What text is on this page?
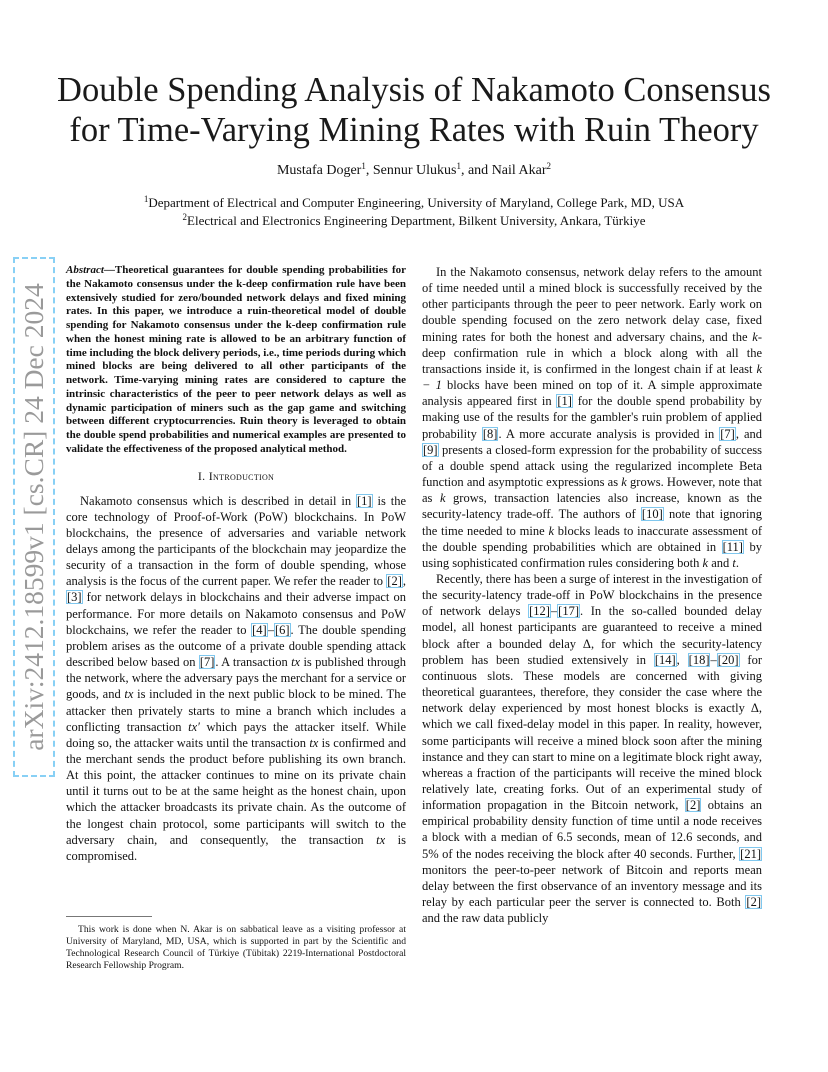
arXiv:2412.18599v1 [cs.CR] 24 Dec 2024
Double Spending Analysis of Nakamoto Consensus
for Time-Varying Mining Rates with Ruin Theory
Mustafa Doger$^1$, Sennur Ulukus$^1$, and Nail Akar$^2$
$^1$Department of Electrical and Computer Engineering, University of Maryland, College Park, MD, USA
$^2$Electrical and Electronics Engineering Department, Bilkent University, Ankara, Türkiye

Abstract—Theoretical guarantees for double spending probabilities for the Nakamoto consensus under the k-deep confirmation rule have been extensively studied for zero/bounded network delays and fixed mining rates. In this paper, we introduce a ruin-theoretical model of double spending for Nakamoto consensus under the k-deep confirmation rule when the honest mining rate is allowed to be an arbitrary function of time including the block delivery periods, i.e., time periods during which mined blocks are being delivered to all other participants of the network. Time-varying mining rates are considered to capture the intrinsic characteristics of the peer to peer network delays as well as dynamic participation of miners such as the gap game and switching between different cryptocurrencies. Ruin theory is leveraged to obtain the double spend probabilities and numerical examples are presented to validate the effectiveness of the proposed analytical method.

I. Introduction

Nakamoto consensus which is described in detail in [1] is the core technology of Proof-of-Work (PoW) blockchains. In PoW blockchains, the presence of adversaries and variable network delays among the participants of the blockchain may jeopardize the security of a transaction in the form of double spending, whose analysis is the focus of the current paper. We refer the reader to [2], [3] for network delays in blockchains and their adverse impact on performance. For more details on Nakamoto consensus and PoW blockchains, we refer the reader to [4]–[6]. The double spending problem arises as the outcome of a private double spending attack described below based on [7]. A transaction tx is published through the network, where the adversary pays the merchant for a service or goods, and tx is included in the next public block to be mined. The attacker then privately starts to mine a branch which includes a conflicting transaction tx′ which pays the attacker itself. While doing so, the attacker waits until the transaction tx is confirmed and the merchant sends the product before publishing its own branch. At this point, the attacker continues to mine on its private chain until it turns out to be at the same height as the honest chain, upon which the attacker broadcasts its private chain. As the outcome of the longest chain protocol, some participants will switch to the adversary chain, and consequently, the transaction tx is compromised.

This work is done when N. Akar is on sabbatical leave as a visiting professor at University of Maryland, MD, USA, which is supported in part by the Scientific and Technological Research Council of Türkiye (Tübitak) 2219-International Postdoctoral Research Fellowship Program.

In the Nakamoto consensus, network delay refers to the amount of time needed until a mined block is successfully received by the other participants through the peer to peer network. Early work on double spending focused on the zero network delay case, fixed mining rates for both the honest and adversary chains, and the k-deep confirmation rule in which a block along with all the transactions inside it, is confirmed in the longest chain if at least k − 1 blocks have been mined on top of it. A simple approximate analysis appeared first in [1] for the double spend probability by making use of the results for the gambler's ruin problem of applied probability [8]. A more accurate analysis is provided in [7], and [9] presents a closed-form expression for the probability of success of a double spend attack using the regularized incomplete Beta function and asymptotic expressions as k grows. However, note that as k grows, transaction latencies also increase, known as the security-latency trade-off. The authors of [10] note that ignoring the time needed to mine k blocks leads to inaccurate assessment of the double spending probabilities which are obtained in [11] by using sophisticated confirmation rules considering both k and t.

Recently, there has been a surge of interest in the investigation of the security-latency trade-off in PoW blockchains in the presence of network delays [12]–[17]. In the so-called bounded delay model, all honest participants are guaranteed to receive a mined block after a bounded delay Δ, for which the security-latency problem has been studied extensively in [14], [18]–[20] for continuous slots. These models are concerned with giving theoretical guarantees, therefore, they consider the case where the network delay experienced by most honest blocks is exactly Δ, which we call fixed-delay model in this paper. In reality, however, some participants will receive a mined block soon after the mining instance and they can start to mine on a legitimate block right away, whereas a fraction of the participants will receive the mined block relatively late, creating forks. Out of an experimental study of information propagation in the Bitcoin network, [2] obtains an empirical probability density function of time until a node receives a block with a median of 6.5 seconds, mean of 12.6 seconds, and 5% of the nodes receiving the block after 40 seconds. Further, [21] monitors the peer-to-peer network of Bitcoin and reports mean delay between the first observance of an inventory message and its relay by each particular peer the server is connected to. Both [2] and the raw data publicly
